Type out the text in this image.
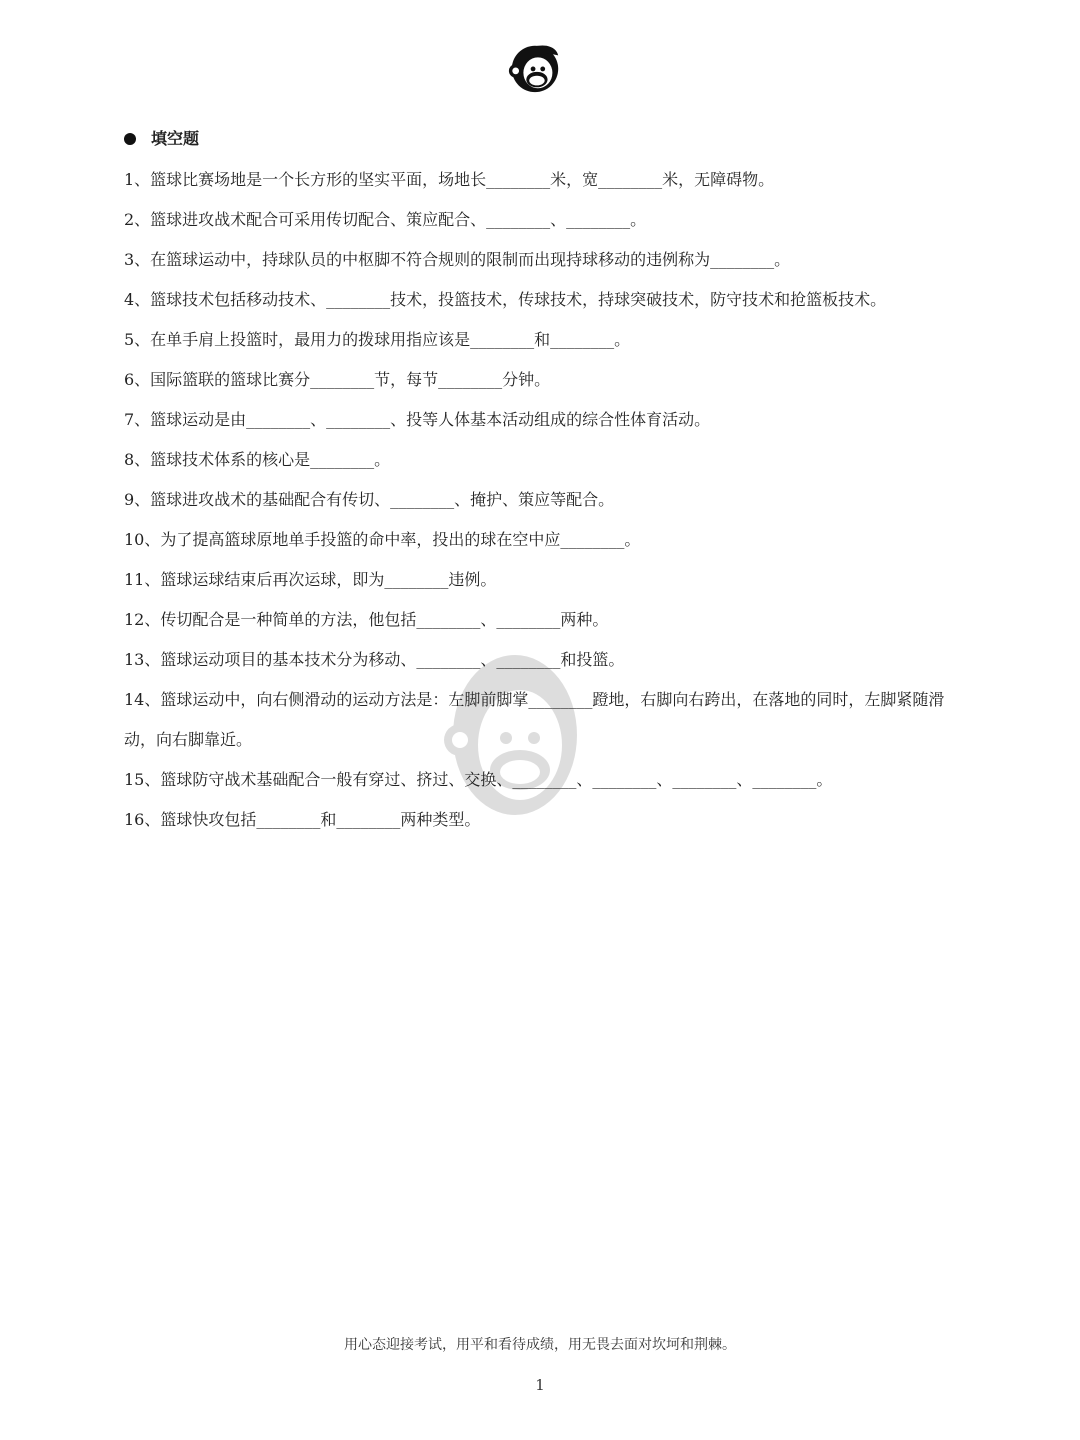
填空题
1、篮球比赛场地是一个长方形的坚实平面，场地长________米，宽________米，无障碍物。
2、篮球进攻战术配合可采用传切配合、策应配合、________、________。
3、在篮球运动中，持球队员的中枢脚不符合规则的限制而出现持球移动的违例称为________。
4、篮球技术包括移动技术、________技术，投篮技术，传球技术，持球突破技术，防守技术和抢篮板技术。
5、在单手肩上投篮时，最用力的拨球用指应该是________和________。
6、国际篮联的篮球比赛分________节，每节________分钟。
7、篮球运动是由________、________、投等人体基本活动组成的综合性体育活动。
8、篮球技术体系的核心是________。
9、篮球进攻战术的基础配合有传切、________、掩护、策应等配合。
10、为了提高篮球原地单手投篮的命中率，投出的球在空中应________。
11、篮球运球结束后再次运球，即为________违例。
12、传切配合是一种简单的方法，他包括________、________两种。
13、篮球运动项目的基本技术分为移动、________、________和投篮。
14、篮球运动中，向右侧滑动的运动方法是：左脚前脚掌________蹬地，右脚向右跨出，在落地的同时，左脚紧随滑动，向右脚靠近。
15、篮球防守战术基础配合一般有穿过、挤过、交换、________、________、________、________。
16、篮球快攻包括________和________两种类型。
用心态迎接考试，用平和看待成绩，用无畏去面对坎坷和荆棘。
1
